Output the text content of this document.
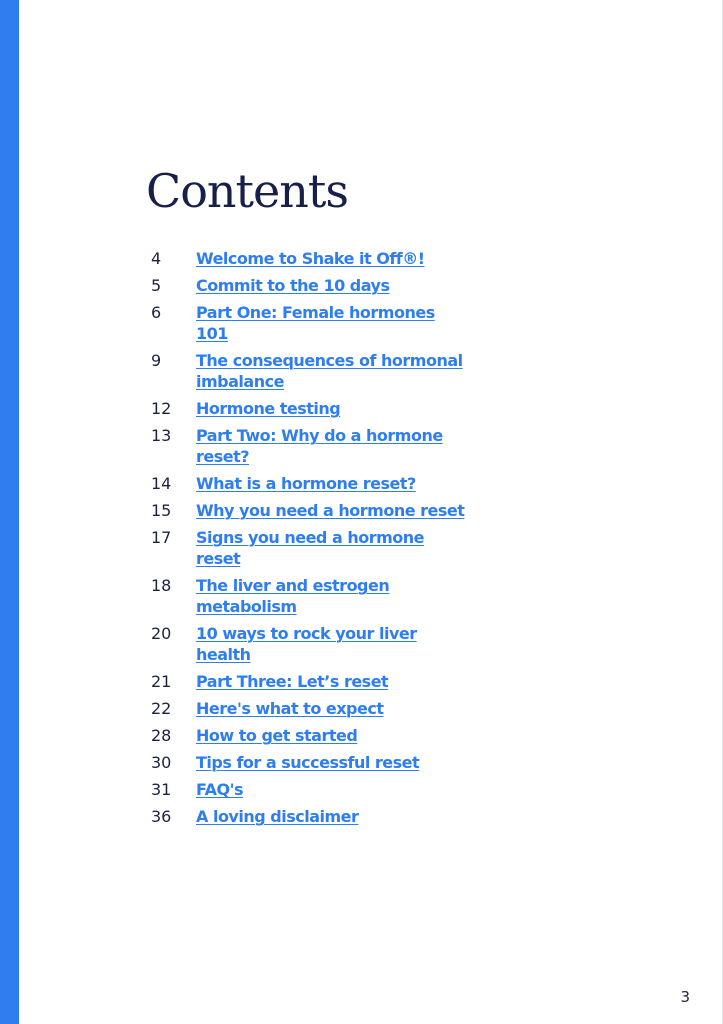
Contents
4	Welcome to Shake it Off®!
5	Commit to the 10 days
6	Part One: Female hormones 101
9	The consequences of hormonal imbalance
12	Hormone testing
13	Part Two: Why do a hormone reset?
14	What is a hormone reset?
15	Why you need a hormone reset
17	Signs you need a hormone reset
18	The liver and estrogen metabolism
20	10 ways to rock your liver health
21	Part Three: Let’s reset
22	Here's what to expect
28	How to get started
30	Tips for a successful reset
31	FAQ's
36	A loving disclaimer
3
